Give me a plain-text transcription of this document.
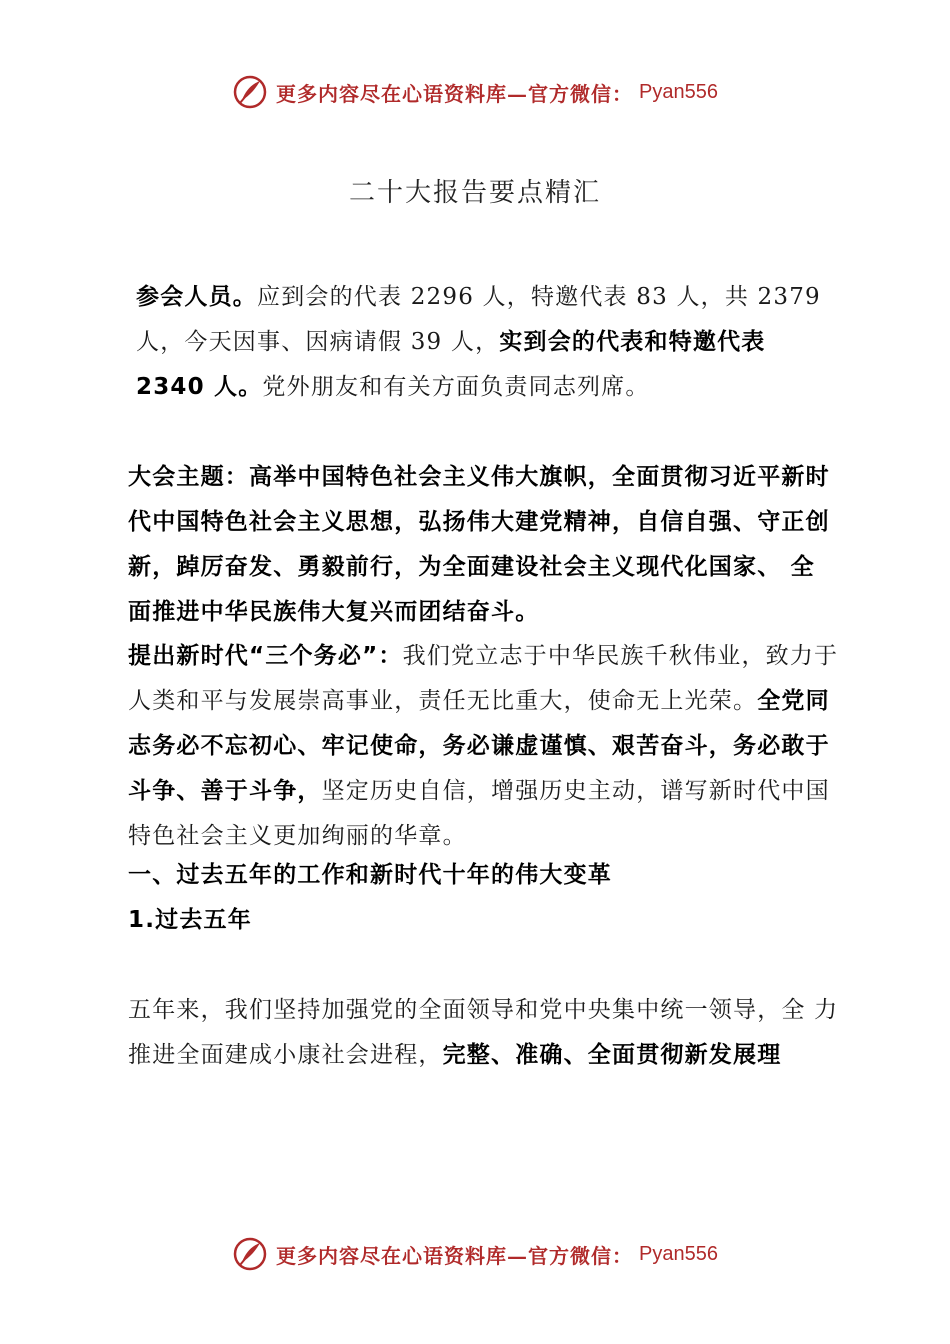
更多内容尽在心语资料库—官方微信： Pyan556
二十大报告要点精汇
参会人员。应到会的代表 2296 人，特邀代表 83 人，共 2379 人，今天因事、因病请假 39 人，实到会的代表和特邀代表 2340 人。党外朋友和有关方面负责同志列席。
大会主题：高举中国特色社会主义伟大旗帜，全面贯彻习近平新时代中国特色社会主义思想，弘扬伟大建党精神，自信自强、守正创新，踔厉奋发、勇毅前行，为全面建设社会主义现代化国家、 全面推进中华民族伟大复兴而团结奋斗。
提出新时代“三个务必”：我们党立志于中华民族千秋伟业，致力于人类和平与发展崇高事业，责任无比重大，使命无上光荣。全党同志务必不忘初心、牢记使命，务必谦虚谨慎、艰苦奋斗，务必敢于斗争、善于斗争，坚定历史自信，增强历史主动，谱写新时代中国特色社会主义更加绚丽的华章。
一、过去五年的工作和新时代十年的伟大变革
1.过去五年
五年来，我们坚持加强党的全面领导和党中央集中统一领导，全 力推进全面建成小康社会进程，完整、准确、全面贯彻新发展理
更多内容尽在心语资料库—官方微信： Pyan556
